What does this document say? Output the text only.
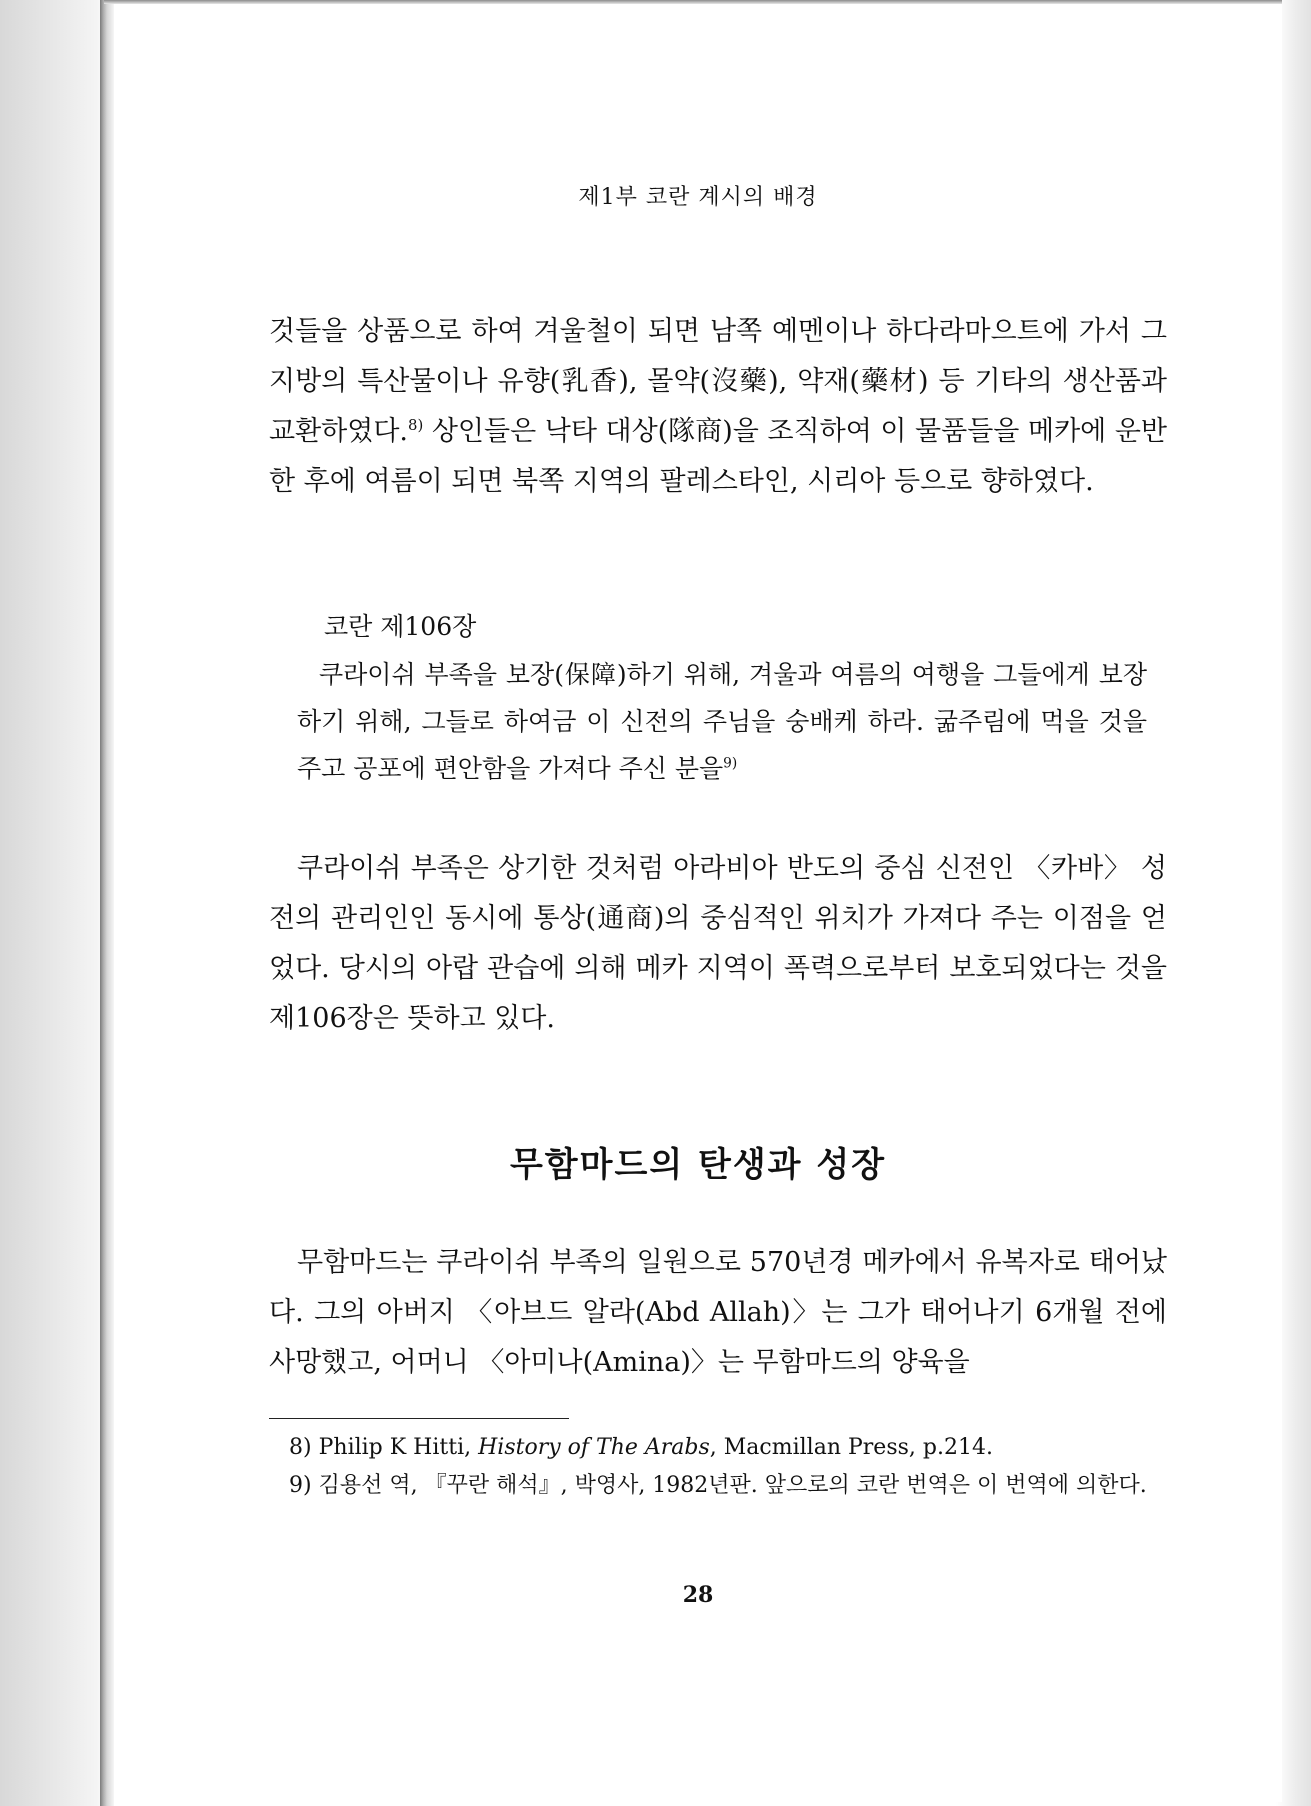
제1부 코란 계시의 배경

것들을 상품으로 하여 겨울철이 되면 남쪽 예멘이나 하다라마으트에 가서 그 지방의 특산물이나 유향(乳香), 몰약(沒藥), 약재(藥材) 등 기타의 생산품과 교환하였다.$^{8)}$ 상인들은 낙타 대상(隊商)을 조직하여 이 물품들을 메카에 운반한 후에 여름이 되면 북쪽 지역의 팔레스타인, 시리아 등으로 향하였다.

코란 제106장

쿠라이쉬 부족을 보장(保障)하기 위해, 겨울과 여름의 여행을 그들에게 보장하기 위해, 그들로 하여금 이 신전의 주님을 숭배케 하라. 굶주림에 먹을 것을 주고 공포에 편안함을 가져다 주신 분을$^{9)}$

쿠라이쉬 부족은 상기한 것처럼 아라비아 반도의 중심 신전인 〈카바〉 성전의 관리인인 동시에 통상(通商)의 중심적인 위치가 가져다 주는 이점을 얻었다. 당시의 아랍 관습에 의해 메카 지역이 폭력으로부터 보호되었다는 것을 제106장은 뜻하고 있다.

무함마드의 탄생과 성장

무함마드는 쿠라이쉬 부족의 일원으로 570년경 메카에서 유복자로 태어났다. 그의 아버지 〈아브드 알라(Abd Allah)〉는 그가 태어나기 6개월 전에 사망했고, 어머니 〈아미나(Amina)〉는 무함마드의 양육을

8) Philip K Hitti, History of The Arabs, Macmillan Press, p.214.

9) 김용선 역, 『꾸란 해석』, 박영사, 1982년판. 앞으로의 코란 번역은 이 번역에 의한다.

28
